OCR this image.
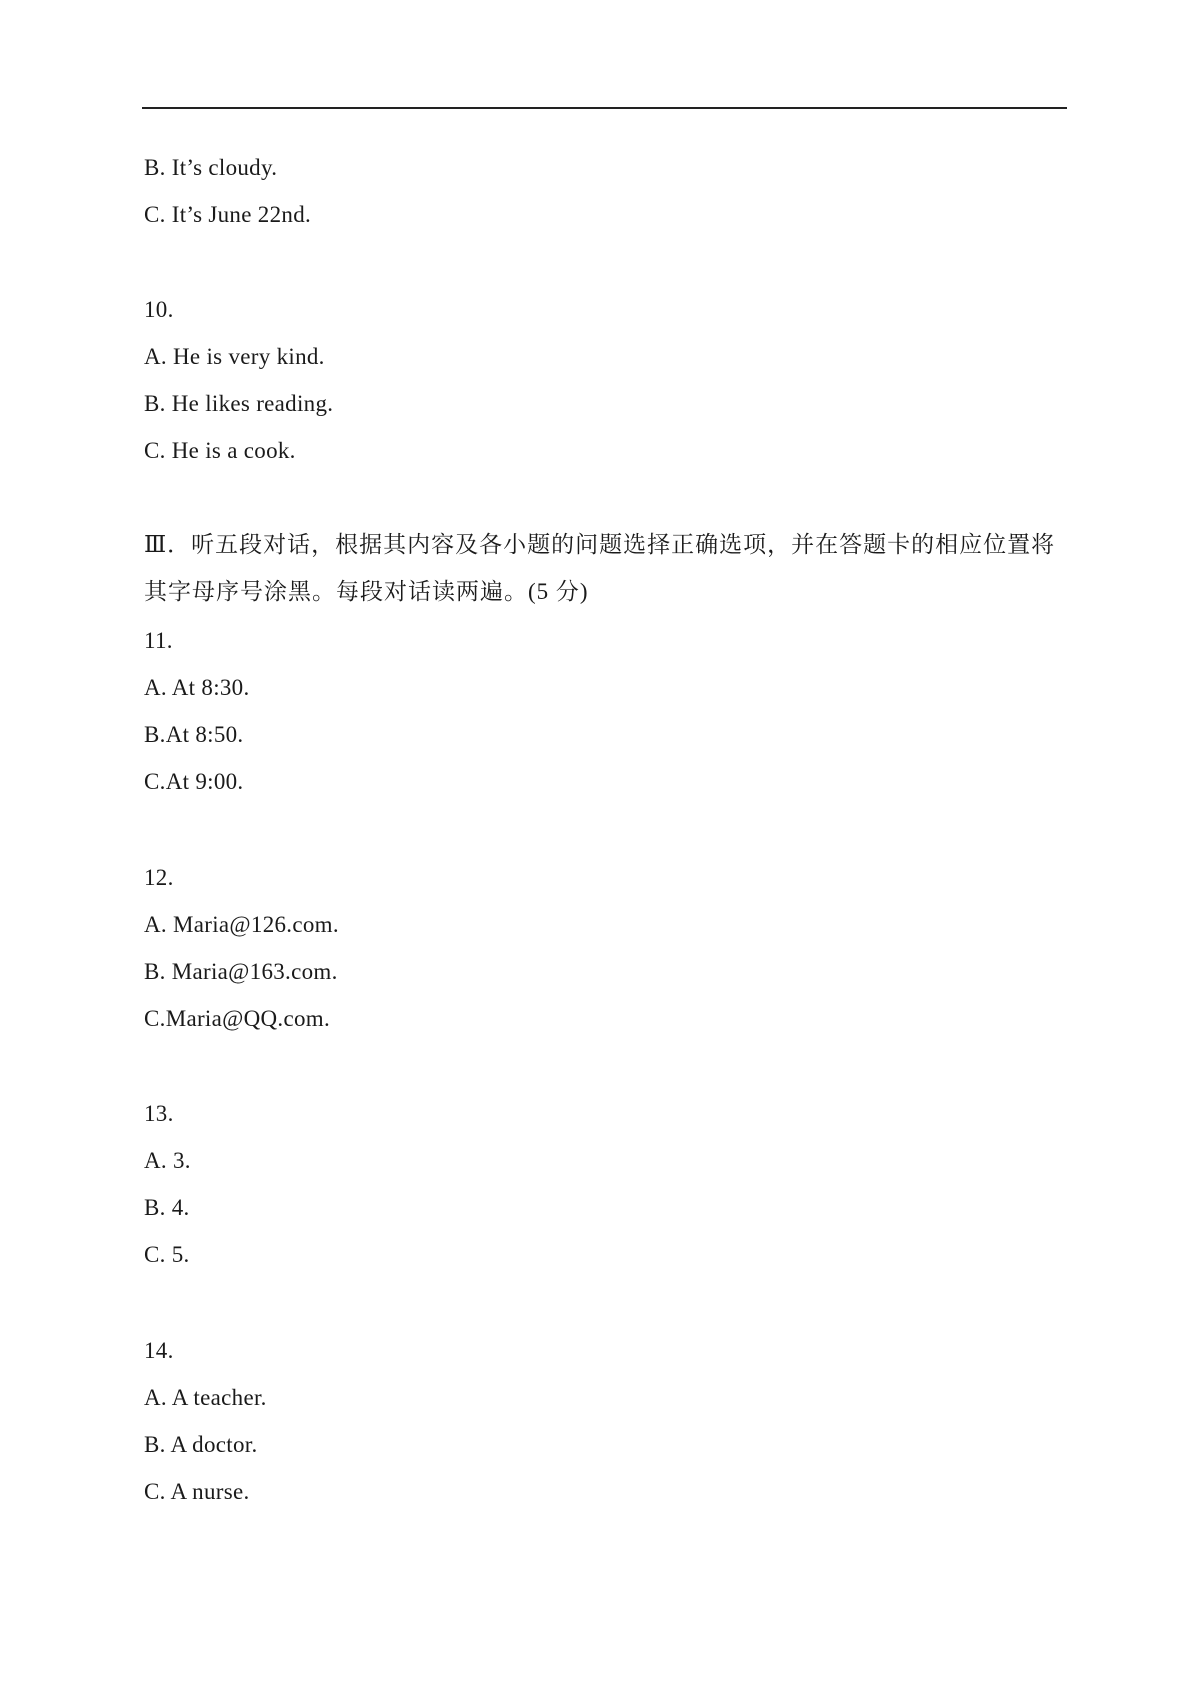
B. It’s cloudy.
C. It’s June 22nd.
10.
A. He is very kind.
B. He likes reading.
C. He is a cook.
Ⅲ．听五段对话，根据其内容及各小题的问题选择正确选项，并在答题卡的相应位置将其字母序号涂黑。每段对话读两遍。(5 分)
11.
A. At 8:30.
B.At 8:50.
C.At 9:00.
12.
A. Maria@126.com.
B. Maria@163.com.
C.Maria@QQ.com.
13.
A. 3.
B. 4.
C. 5.
14.
A. A teacher.
B. A doctor.
C. A nurse.
